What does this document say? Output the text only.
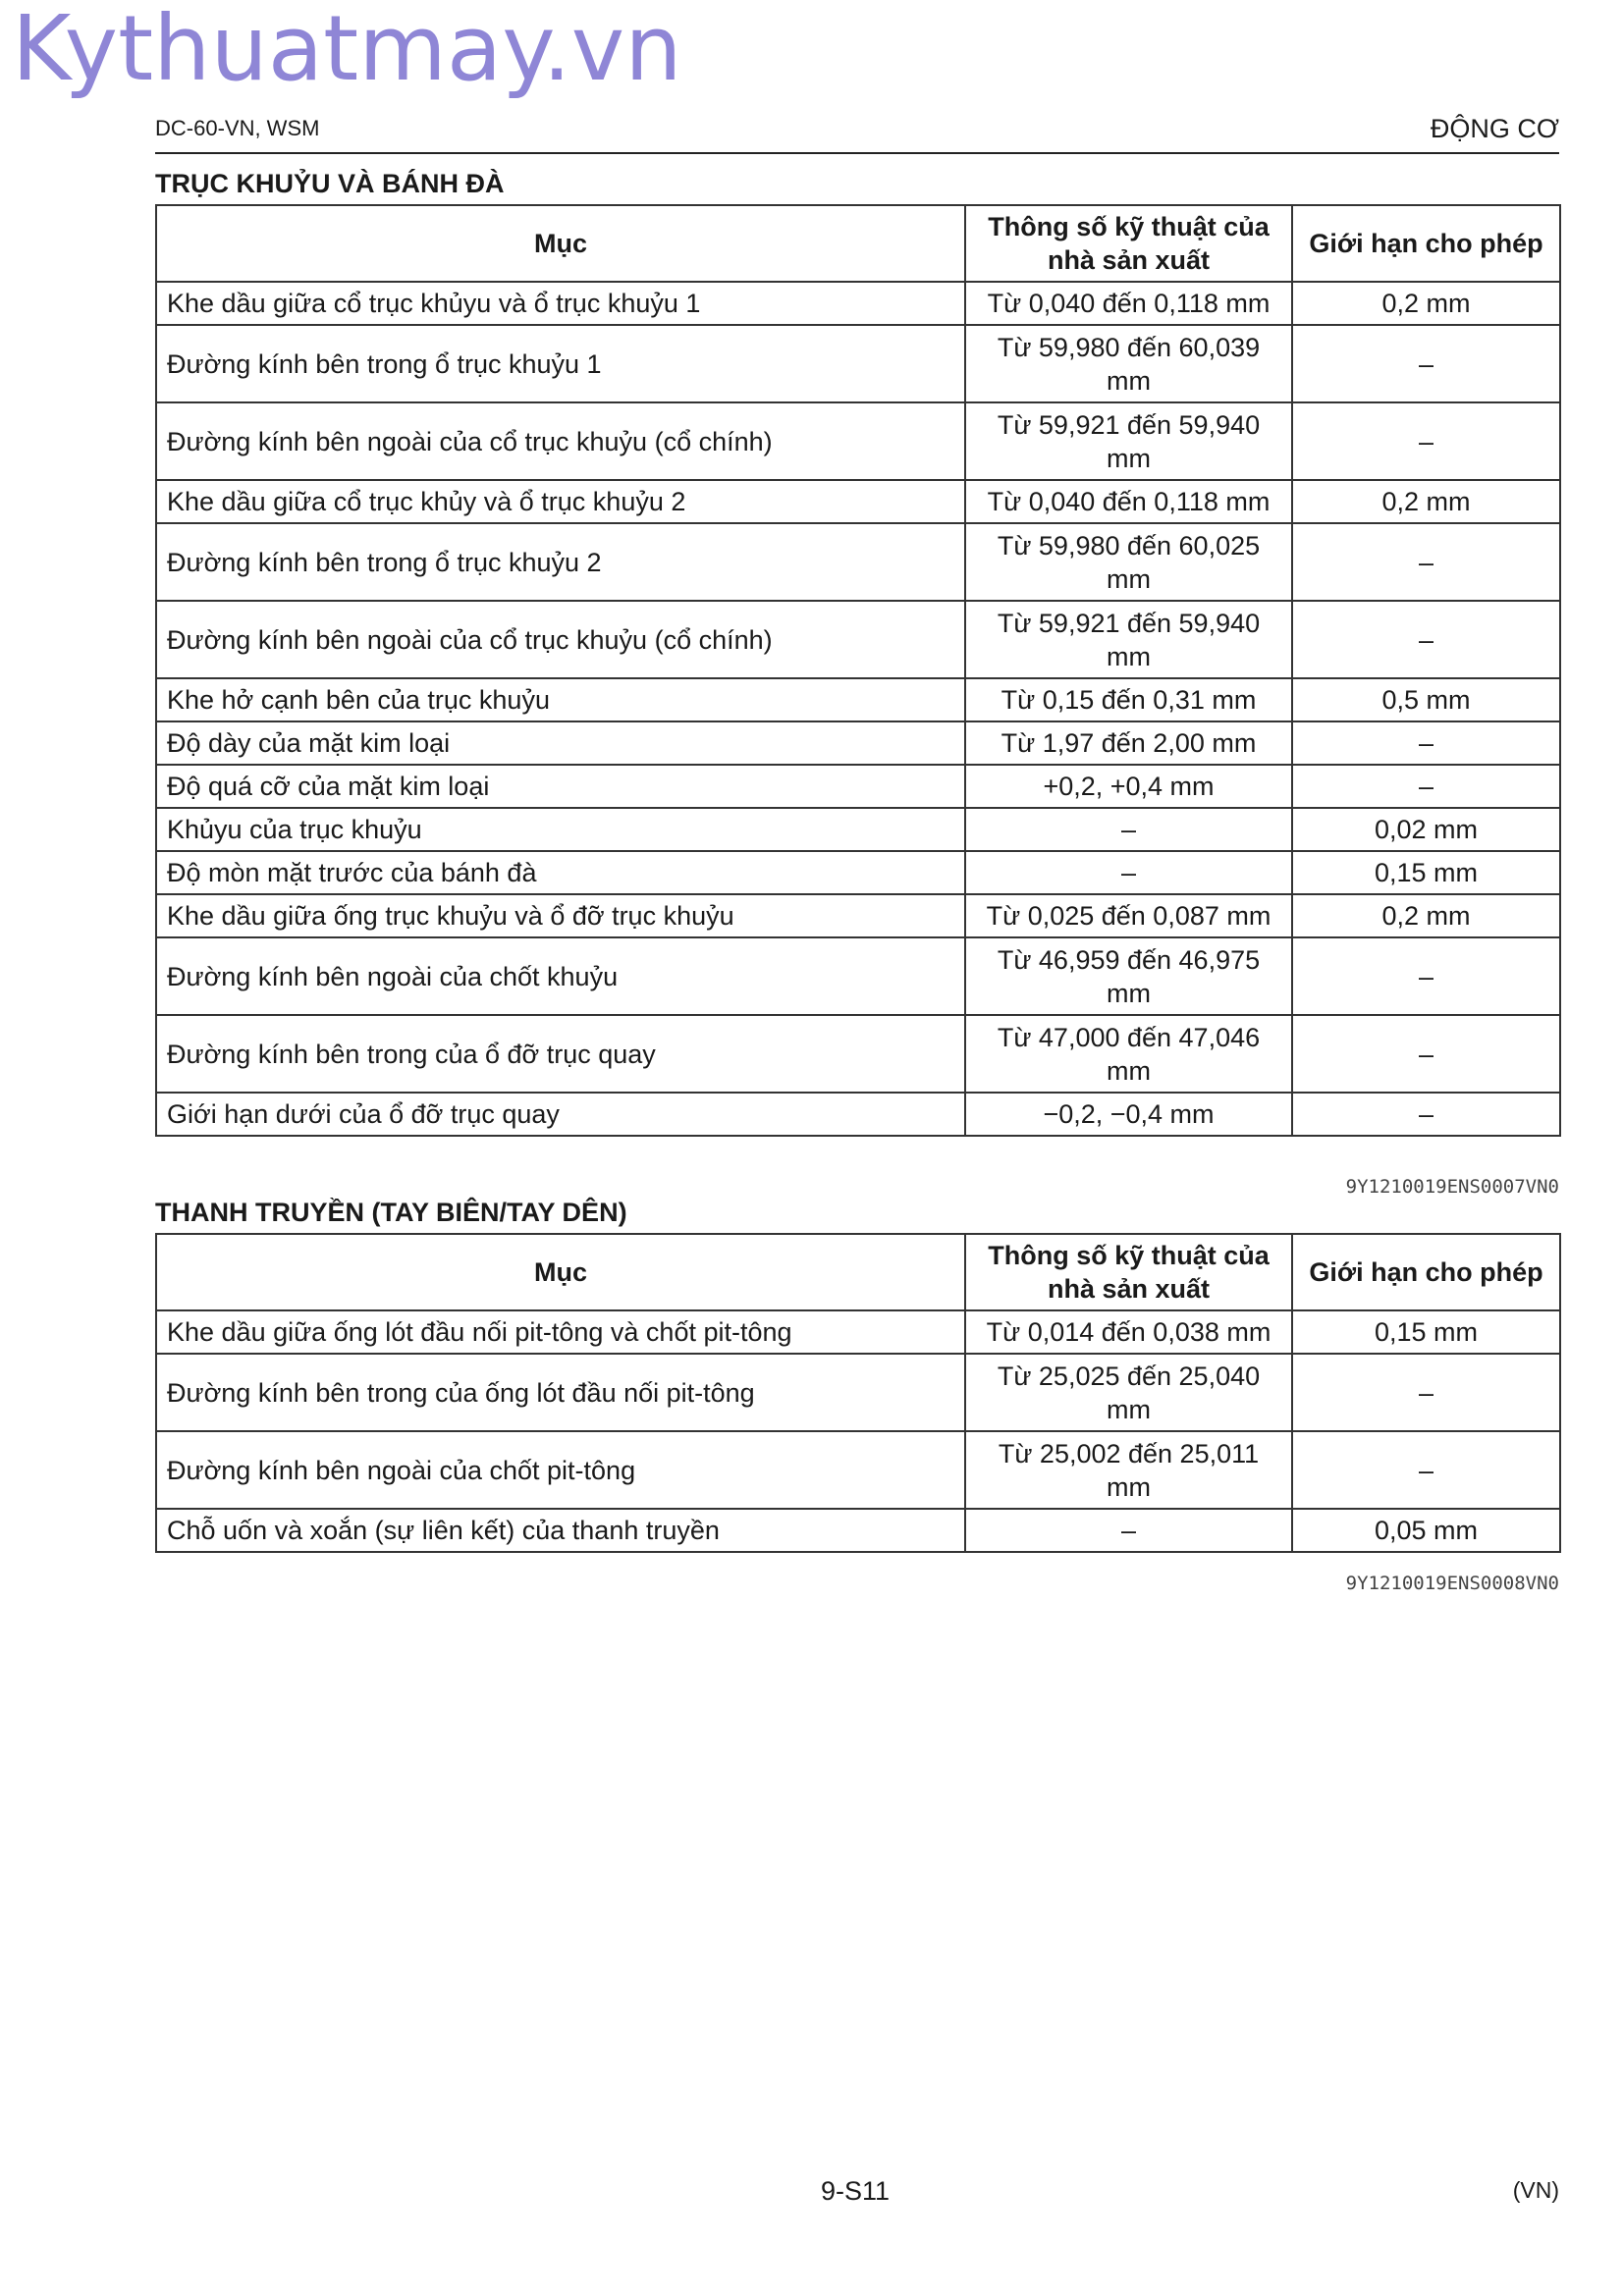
Kythuatmay.vn
DC-60-VN, WSM	ĐỘNG CƠ
TRỤC KHUỶU VÀ BÁNH ĐÀ
Mục	Thông số kỹ thuật của nhà sản xuất	Giới hạn cho phép
Khe dầu giữa cổ trục khủyu và ổ trục khuỷu 1	Từ 0,040 đến 0,118 mm	0,2 mm
Đường kính bên trong ổ trục khuỷu 1	Từ 59,980 đến 60,039 mm	–
Đường kính bên ngoài của cổ trục khuỷu (cổ chính)	Từ 59,921 đến 59,940 mm	–
Khe dầu giữa cổ trục khủy và ổ trục khuỷu 2	Từ 0,040 đến 0,118 mm	0,2 mm
Đường kính bên trong ổ trục khuỷu 2	Từ 59,980 đến 60,025 mm	–
Đường kính bên ngoài của cổ trục khuỷu (cổ chính)	Từ 59,921 đến 59,940 mm	–
Khe hở cạnh bên của trục khuỷu	Từ 0,15 đến 0,31 mm	0,5 mm
Độ dày của mặt kim loại	Từ 1,97 đến 2,00 mm	–
Độ quá cỡ của mặt kim loại	+0,2, +0,4 mm	–
Khủyu của trục khuỷu	–	0,02 mm
Độ mòn mặt trước của bánh đà	–	0,15 mm
Khe dầu giữa ống trục khuỷu và ổ đỡ trục khuỷu	Từ 0,025 đến 0,087 mm	0,2 mm
Đường kính bên ngoài của chốt khuỷu	Từ 46,959 đến 46,975 mm	–
Đường kính bên trong của ổ đỡ trục quay	Từ 47,000 đến 47,046 mm	–
Giới hạn dưới của ổ đỡ trục quay	−0,2, −0,4 mm	–
9Y1210019ENS0007VN0
THANH TRUYỀN (TAY BIÊN/TAY DÊN)
Mục	Thông số kỹ thuật của nhà sản xuất	Giới hạn cho phép
Khe dầu giữa ống lót đầu nối pit-tông và chốt pit-tông	Từ 0,014 đến 0,038 mm	0,15 mm
Đường kính bên trong của ống lót đầu nối pit-tông	Từ 25,025 đến 25,040 mm	–
Đường kính bên ngoài của chốt pit-tông	Từ 25,002 đến 25,011 mm	–
Chỗ uốn và xoắn (sự liên kết) của thanh truyền	–	0,05 mm
9Y1210019ENS0008VN0
9-S11	(VN)
